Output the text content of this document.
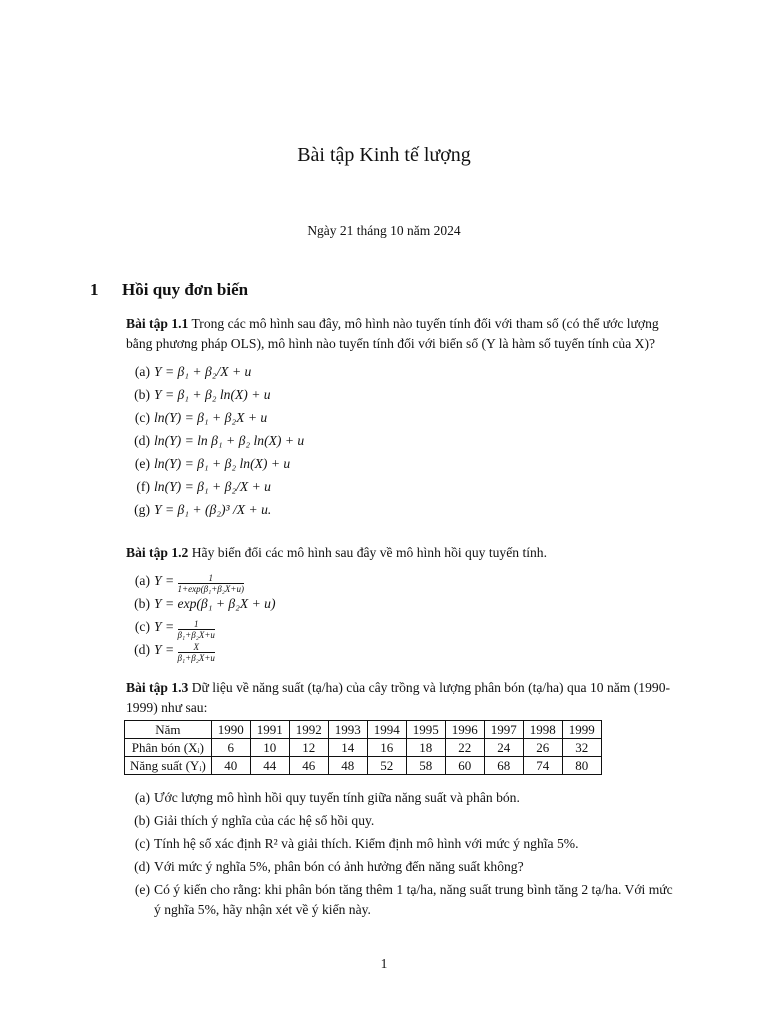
Bài tập Kinh tế lượng
Ngày 21 tháng 10 năm 2024
1 Hồi quy đơn biến

Bài tập 1.1 Trong các mô hình sau đây, mô hình nào tuyến tính đối với tham số (có thể ước lượng bằng phương pháp OLS), mô hình nào tuyến tính đối với biến số (Y là hàm số tuyến tính của X)?

(a) Y = β₁ + β₂/X + u
(b) Y = β₁ + β₂ ln(X) + u
(c) ln(Y) = β₁ + β₂X + u
(d) ln(Y) = ln β₁ + β₂ ln(X) + u
(e) ln(Y) = β₁ + β₂ ln(X) + u
(f) ln(Y) = β₁ + β₂/X + u
(g) Y = β₁ + (β₂)³ /X + u.

Bài tập 1.2 Hãy biến đổi các mô hình sau đây về mô hình hồi quy tuyến tính.

(a) $Y = \frac{1}{\text{1+exp(β₁+β₂X+u)}}$
(b) Y = exp(β₁ + β₂X + u)
(c) $Y = \frac{1}{\text{β₁+β₂X+u}}$
(d) $Y = \frac{X}{\text{β₁+β₂X+u}}$

Bài tập 1.3 Dữ liệu về năng suất (tạ/ha) của cây trồng và lượng phân bón (tạ/ha) qua 10 năm (1990-1999) như sau:

Năm	1990	1991	1992	1993	1994	1995	1996	1997	1998	1999
Phân bón (Xᵢ)	6	10	12	14	16	18	22	24	26	32
Năng suất (Yᵢ)	40	44	46	48	52	58	60	68	74	80
(a) Ước lượng mô hình hồi quy tuyến tính giữa năng suất và phân bón.
(b) Giải thích ý nghĩa của các hệ số hồi quy.
(c) Tính hệ số xác định R² và giải thích. Kiểm định mô hình với mức ý nghĩa 5%.
(d) Với mức ý nghĩa 5%, phân bón có ảnh hưởng đến năng suất không?
(e) Có ý kiến cho rằng: khi phân bón tăng thêm 1 tạ/ha, năng suất trung bình tăng 2 tạ/ha. Với mức ý nghĩa 5%, hãy nhận xét về ý kiến này.
1
